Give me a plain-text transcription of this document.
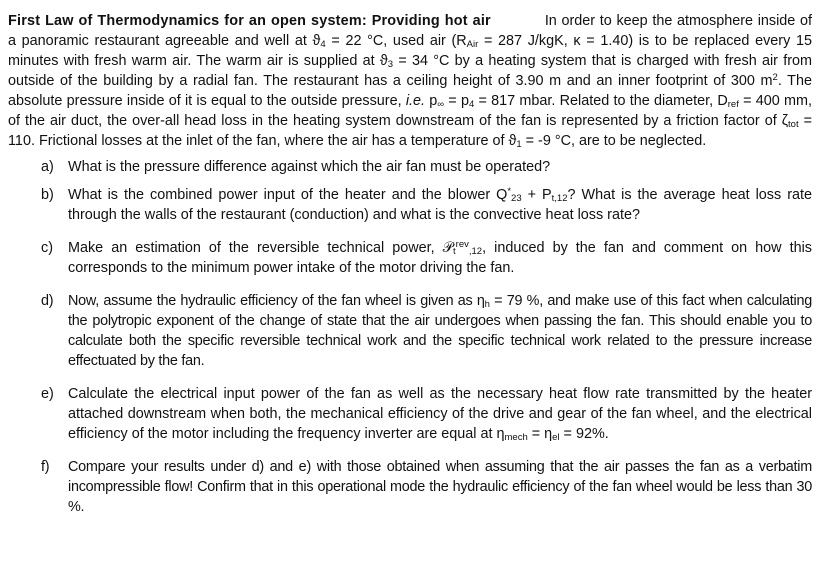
First Law of Thermodynamics for an open system: Providing hot air	In order to keep the atmosphere inside of a panoramic restaurant agreeable and well at $ϑ_4 = 22$ °C, used air ($R_{Air} = 287$ J/kgK, κ = 1.40) is to be replaced every 15 minutes with fresh warm air. The warm air is supplied at $ϑ_3 = 34$ °C by a heating system that is charged with fresh air from outside of the building by a radial fan. The restaurant has a ceiling height of 3.90 m and an inner footprint of 300 $m^2$. The absolute pressure inside of it is equal to the outside pressure, i.e. $p_\infty = p_4 = 817$ mbar. Related to the diameter, $D_{ref} = 400$ mm, of the air duct, the over-all head loss in the heating system downstream of the fan is represented by a friction factor of $\zeta_{tot} = 110$. Frictional losses at the inlet of the fan, where the air has a temperature of $ϑ_1 = -9$ °C, are to be neglected.

a) What is the pressure difference against which the air fan must be operated?

b) What is the combined power input of the heater and the blower $Q^*_{23} + P_{t,12}$? What is the average heat loss rate through the walls of the restaurant (conduction) and what is the convective heat loss rate?

c) Make an estimation of the reversible technical power, 𝒫$_t^{rev}_{,12}$, induced by the fan and comment on how this corresponds to the minimum power intake of the motor driving the fan.

d) Now, assume the hydraulic efficiency of the fan wheel is given as $\eta_h = 79$ %, and make use of this fact when calculating the polytropic exponent of the change of state that the air undergoes when passing the fan. This should enable you to calculate both the specific reversible technical work and the specific technical work related to the pressure increase effectuated by the fan.

e) Calculate the electrical input power of the fan as well as the necessary heat flow rate transmitted by the heater attached downstream when both, the mechanical efficiency of the drive and gear of the fan wheel, and the electrical efficiency of the motor including the frequency inverter are equal at $\eta_{mech} = \eta_{el} = 92\%$.

f) Compare your results under d) and e) with those obtained when assuming that the air passes the fan as a verbatim incompressible flow! Confirm that in this operational mode the hydraulic efficiency of the fan wheel would be less than 30 %.
